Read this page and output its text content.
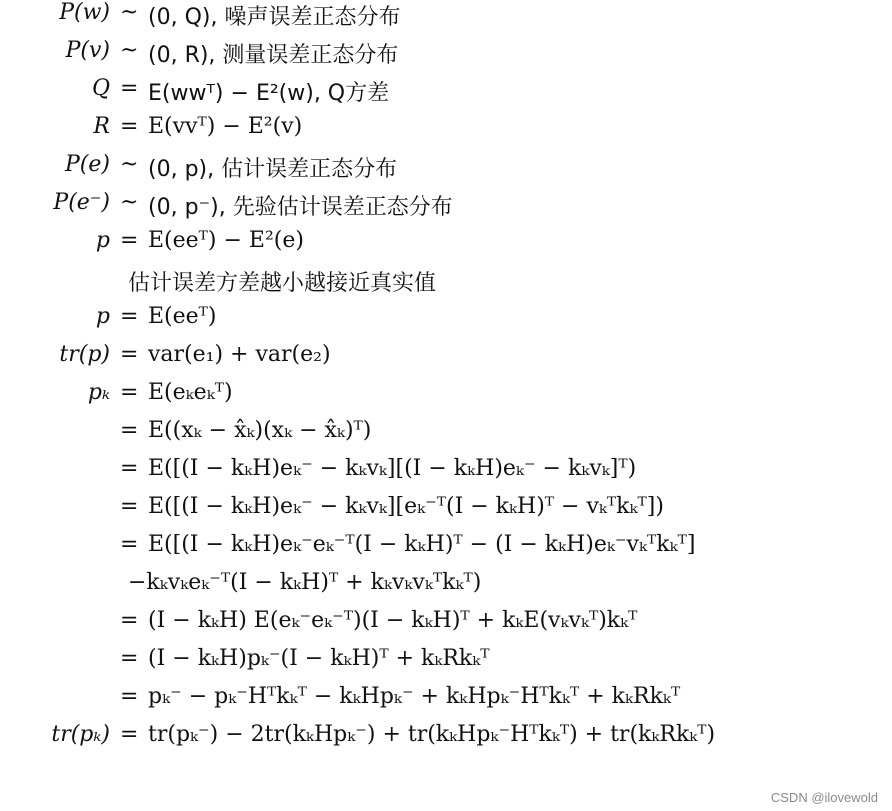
P(w) ~ (0, Q), 噪声误差正态分布
P(v) ~ (0, R), 测量误差正态分布
Q = E(wwᵀ) − E²(w), Q方差
R = E(vvᵀ) − E²(v)
P(e) ~ (0, p), 估计误差正态分布
P(e⁻) ~ (0, p⁻), 先验估计误差正态分布
p = E(eeᵀ) − E²(e)
估计误差方差越小越接近真实值
p = E(eeᵀ)
tr(p) = var(e₁) + var(e₂)
pₖ = E(eₖeₖᵀ)
= E((xₖ − x̂ₖ)(xₖ − x̂ₖ)ᵀ)
= E([(I − kₖH)eₖ⁻ − kₖvₖ][(I − kₖH)eₖ⁻ − kₖvₖ]ᵀ)
= E([(I − kₖH)eₖ⁻ − kₖvₖ][eₖ⁻ᵀ(I − kₖH)ᵀ − vₖᵀkₖᵀ])
= E([(I − kₖH)eₖ⁻eₖ⁻ᵀ(I − kₖH)ᵀ − (I − kₖH)eₖ⁻vₖᵀkₖᵀ]
−kₖvₖeₖ⁻ᵀ(I − kₖH)ᵀ + kₖvₖvₖᵀkₖᵀ)
= (I − kₖH) E(eₖ⁻eₖ⁻ᵀ)(I − kₖH)ᵀ + kₖE(vₖvₖᵀ)kₖᵀ
= (I − kₖH)pₖ⁻(I − kₖH)ᵀ + kₖRkₖᵀ
= pₖ⁻ − pₖ⁻Hᵀkₖᵀ − kₖHpₖ⁻ + kₖHpₖ⁻Hᵀkₖᵀ + kₖRkₖᵀ
tr(pₖ) = tr(pₖ⁻) − 2tr(kₖHpₖ⁻) + tr(kₖHpₖ⁻Hᵀkₖᵀ) + tr(kₖRkₖᵀ)
CSDN @ilovewold
